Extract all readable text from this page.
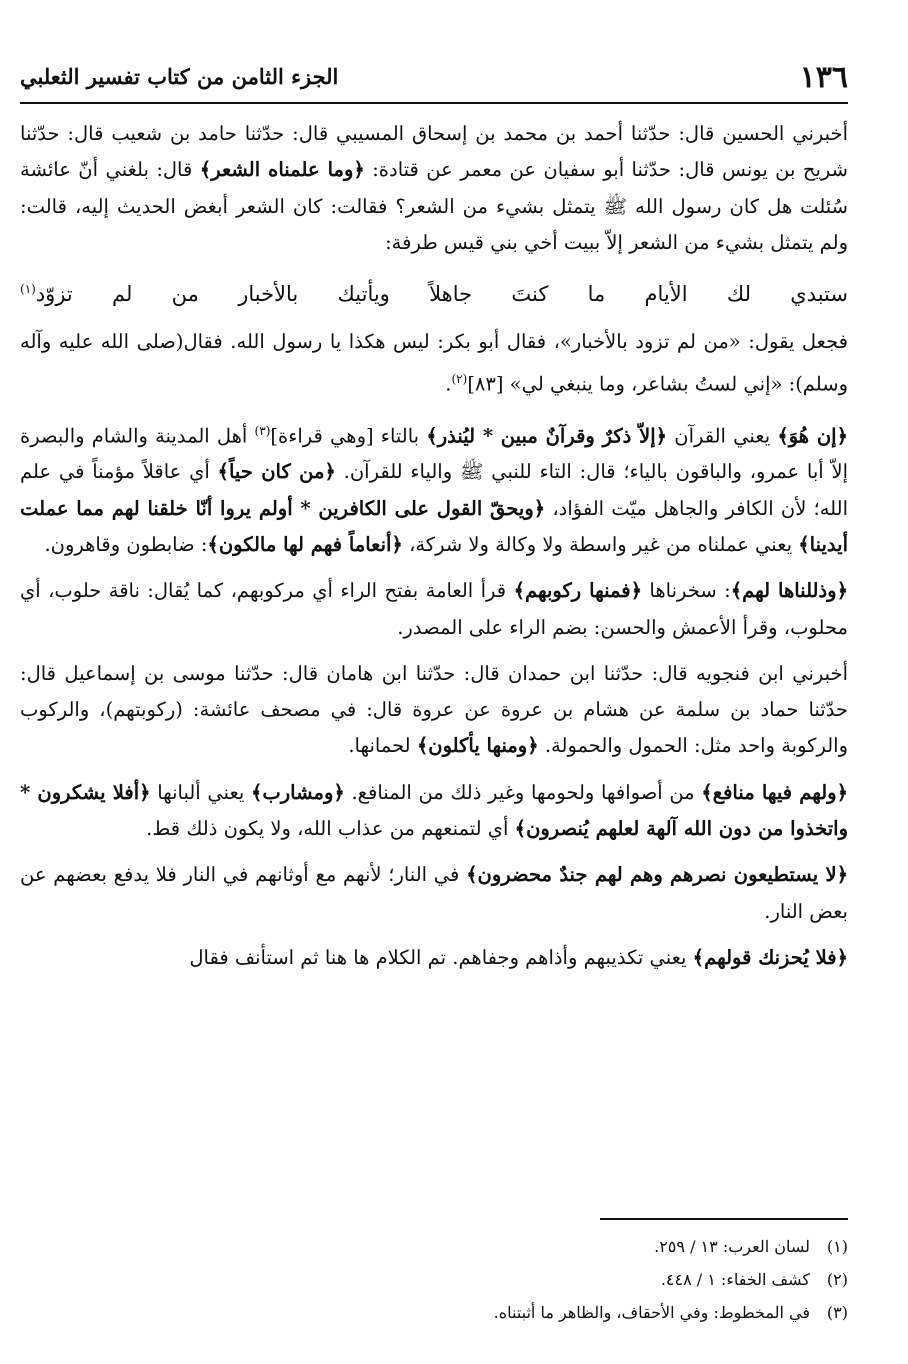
١٣٦
الجزء الثامن من كتاب تفسير الثعلبي

أخبرني الحسين قال: حدّثنا أحمد بن محمد بن إسحاق المسيبي قال: حدّثنا حامد بن شعيب قال: حدّثنا شريح بن يونس قال: حدّثنا أبو سفيان عن معمر عن قتادة: ﴿وما علمناه الشعر﴾ قال: بلغني أنّ عائشة سُئلت هل كان رسول الله ﷺ يتمثل بشيء من الشعر؟ فقالت: كان الشعر أبغض الحديث إليه، قالت: ولم يتمثل بشيء من الشعر إلاّ ببيت أخي بني قيس طرفة:

ستبدي لك الأيام ما كنتَ جاهلاً ويأتيك بالأخبار من لم تزوّد$^{(١)}$

فجعل يقول: «من لم تزود بالأخبار»، فقال أبو بكر: ليس هكذا يا رسول الله. فقال(صلى الله عليه وآله وسلم): «إني لستُ بشاعر، وما ينبغي لي» [٨٣]$^{(٢)}$.

﴿إن هُوَ﴾ يعني القرآن ﴿إلاّ ذكرٌ وقرآنٌ مبين * ليُنذر﴾ بالتاء [وهي قراءة]$^{(٣)}$ أهل المدينة والشام والبصرة إلاّ أبا عمرو، والباقون بالياء؛ قال: التاء للنبي ﷺ والياء للقرآن. ﴿من كان حياً﴾ أي عاقلاً مؤمناً في علم الله؛ لأن الكافر والجاهل ميّت الفؤاد، ﴿ويحقّ القول على الكافرين * أولم يروا أنّا خلقنا لهم مما عملت أيدينا﴾ يعني عملناه من غير واسطة ولا وكالة ولا شركة، ﴿أنعاماً فهم لها مالكون﴾: ضابطون وقاهرون.

﴿وذللناها لهم﴾: سخرناها ﴿فمنها ركوبهم﴾ قرأ العامة بفتح الراء أي مركوبهم، كما يُقال: ناقة حلوب، أي محلوب، وقرأ الأعمش والحسن: بضم الراء على المصدر.

أخبرني ابن فنجويه قال: حدّثنا ابن حمدان قال: حدّثنا ابن هامان قال: حدّثنا موسى بن إسماعيل قال: حدّثنا حماد بن سلمة عن هشام بن عروة عن عروة قال: في مصحف عائشة: (ركوبتهم)، والركوب والركوبة واحد مثل: الحمول والحمولة. ﴿ومنها يأكلون﴾ لحمانها.

﴿ولهم فيها منافع﴾ من أصوافها ولحومها وغير ذلك من المنافع. ﴿ومشارب﴾ يعني ألبانها ﴿أفلا يشكرون * واتخذوا من دون الله آلهة لعلهم يُنصرون﴾ أي لتمنعهم من عذاب الله، ولا يكون ذلك قط.

﴿لا يستطيعون نصرهم وهم لهم جندٌ محضرون﴾ في النار؛ لأنهم مع أوثانهم في النار فلا يدفع بعضهم عن بعض النار.

﴿فلا يُحزنك قولهم﴾ يعني تكذيبهم وأذاهم وجفاهم. تم الكلام ها هنا ثم استأنف فقال

(١)لسان العرب: ١٣ / ٢٥٩.
(٢)كشف الخفاء: ١ / ٤٤٨.
(٣)في المخطوط: وفي الأحقاف، والظاهر ما أثبتناه.
